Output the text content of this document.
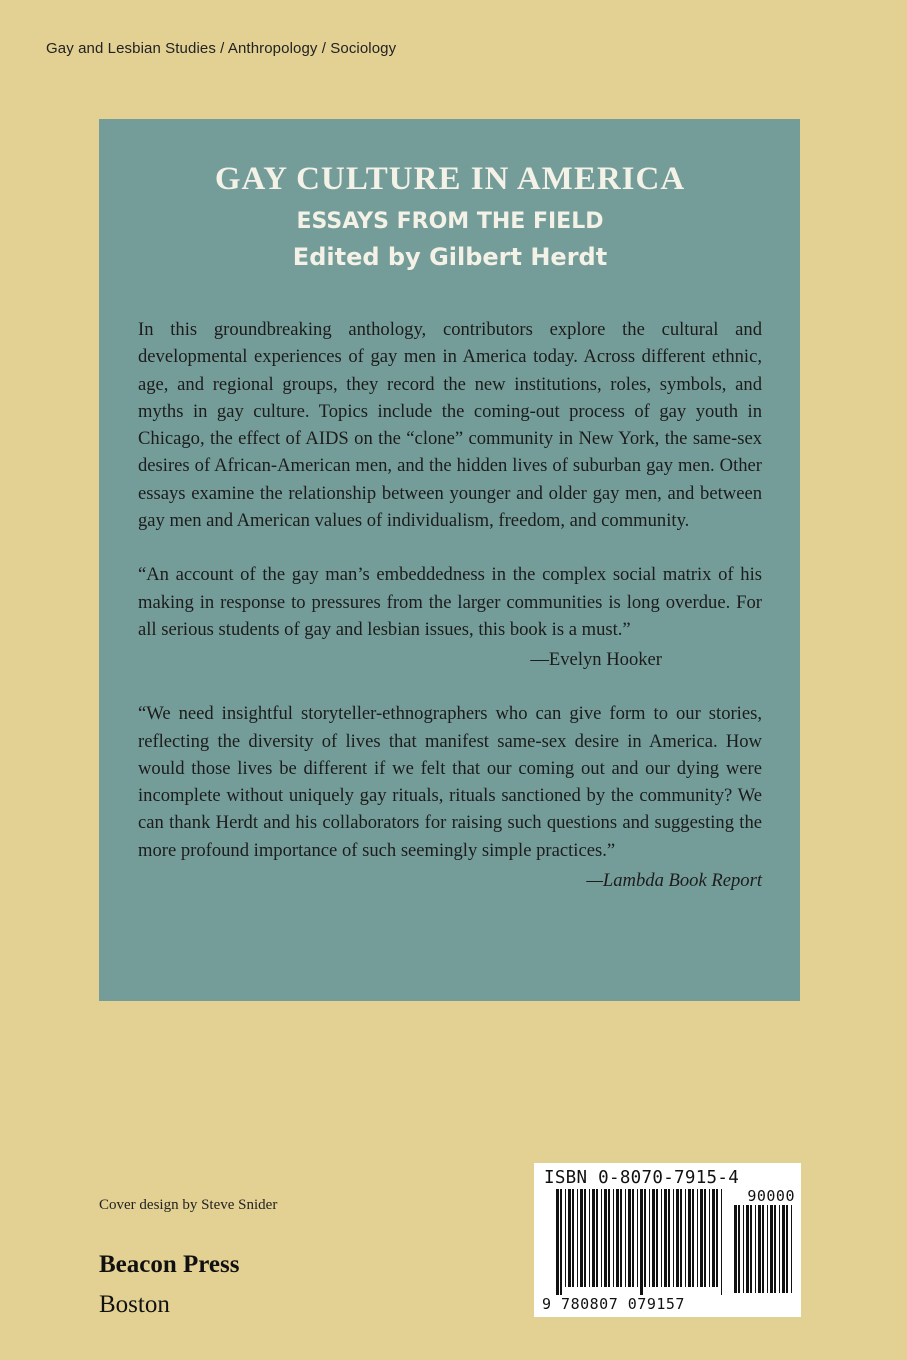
Gay and Lesbian Studies / Anthropology / Sociology

GAY CULTURE IN AMERICA
ESSAYS FROM THE FIELD
Edited by Gilbert Herdt

In this groundbreaking anthology, contributors explore the cultural and developmental experiences of gay men in America today. Across different ethnic, age, and regional groups, they record the new institutions, roles, symbols, and myths in gay culture. Topics include the coming-out process of gay youth in Chicago, the effect of AIDS on the “clone” community in New York, the same-sex desires of African-American men, and the hidden lives of suburban gay men. Other essays examine the relationship between younger and older gay men, and between gay men and American values of individualism, freedom, and community.

“An account of the gay man’s embeddedness in the complex social matrix of his making in response to pressures from the larger communities is long overdue. For all serious students of gay and lesbian issues, this book is a must.”

—Evelyn Hooker

“We need insightful storyteller-ethnographers who can give form to our stories, reflecting the diversity of lives that manifest same-sex desire in America. How would those lives be different if we felt that our coming out and our dying were incomplete without uniquely gay rituals, rituals sanctioned by the community? We can thank Herdt and his collaborators for raising such questions and suggesting the more profound importance of such seemingly simple practices.”

—Lambda Book Report

Cover design by Steve Snider

Beacon Press

Boston

ISBN 0-8070-7915-4

90000

9 780807 079157
